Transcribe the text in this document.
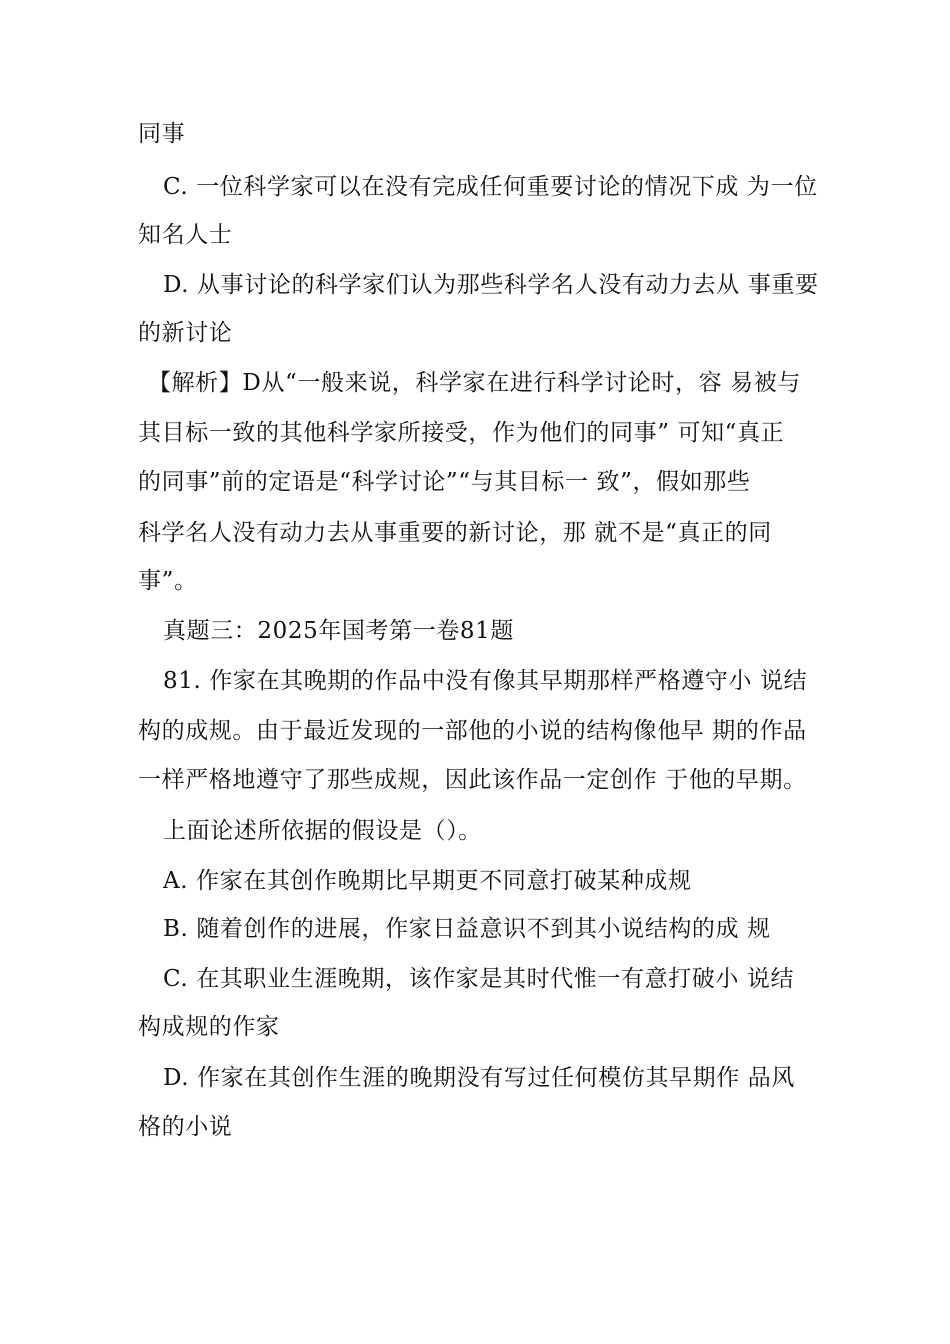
同事
C. 一位科学家可以在没有完成任何重要讨论的情况下成 为一位
知名人士
D. 从事讨论的科学家们认为那些科学名人没有动力去从 事重要
的新讨论
【解析】D从“一般来说，科学家在进行科学讨论时，容 易被与
其目标一致的其他科学家所接受，作为他们的同事” 可知“真正
的同事”前的定语是“科学讨论”“与其目标一 致”，假如那些
科学名人没有动力去从事重要的新讨论，那 就不是“真正的同
事”。
真题三：2025年国考第一卷81题
81. 作家在其晚期的作品中没有像其早期那样严格遵守小 说结
构的成规。由于最近发现的一部他的小说的结构像他早 期的作品
一样严格地遵守了那些成规，因此该作品一定创作 于他的早期。
上面论述所依据的假设是（）。
A. 作家在其创作晚期比早期更不同意打破某种成规
B. 随着创作的进展，作家日益意识不到其小说结构的成 规
C. 在其职业生涯晚期，该作家是其时代惟一有意打破小 说结
构成规的作家
D. 作家在其创作生涯的晚期没有写过任何模仿其早期作 品风
格的小说
